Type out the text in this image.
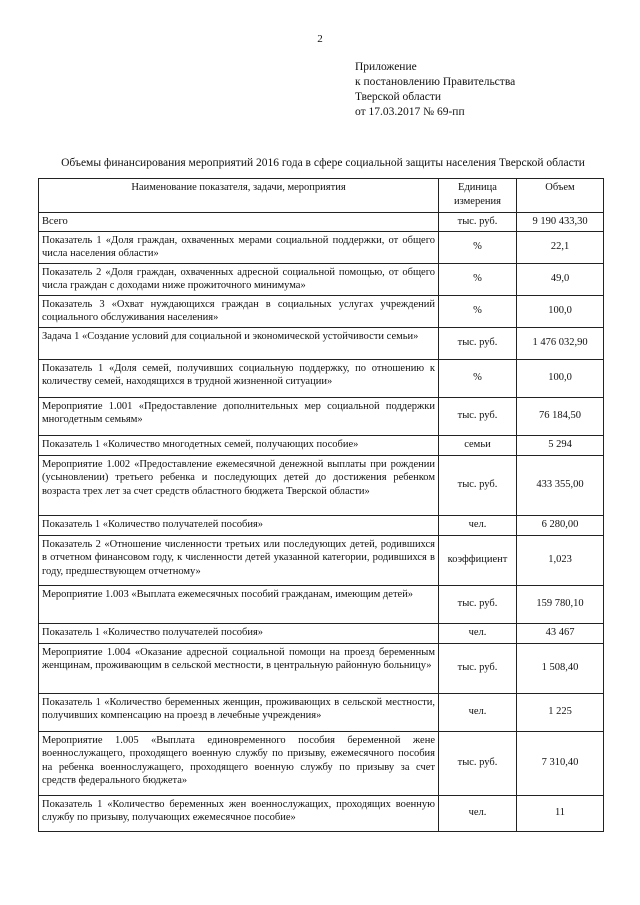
2
Приложение
к постановлению Правительства
Тверской области
от 17.03.2017 № 69-пп
Объемы финансирования мероприятий 2016 года в сфере социальной защиты населения Тверской области
Наименование показателя, задачи, мероприятия	Единица измерения	Объем
Всего	тыс. руб.	9 190 433,30
Показатель 1 «Доля граждан, охваченных мерами социальной поддержки, от общего числа населения области»	%	22,1
Показатель 2 «Доля граждан, охваченных адресной социальной помощью, от общего числа граждан с доходами ниже прожиточного минимума»	%	49,0
Показатель 3 «Охват нуждающихся граждан в социальных услугах учреждений социального обслуживания населения»	%	100,0
Задача 1 «Создание условий для социальной и экономической устойчивости семьи»	тыс. руб.	1 476 032,90
Показатель 1 «Доля семей, получивших социальную поддержку, по отношению к количеству семей, находящихся в трудной жизненной ситуации»	%	100,0
Мероприятие 1.001 «Предоставление дополнительных мер социальной поддержки многодетным семьям»	тыс. руб.	76 184,50
Показатель 1 «Количество многодетных семей, получающих пособие»	семьи	5 294
Мероприятие 1.002 «Предоставление ежемесячной денежной выплаты при рождении (усыновлении) третьего ребенка и последующих детей до достижения ребенком возраста трех лет за счет средств областного бюджета Тверской области»	тыс. руб.	433 355,00
Показатель 1 «Количество получателей пособия»	чел.	6 280,00
Показатель 2 «Отношение численности третьих или последующих детей, родившихся в отчетном финансовом году, к численности детей указанной категории, родившихся в году, предшествующем отчетному»	коэффициент	1,023
Мероприятие 1.003 «Выплата ежемесячных пособий гражданам, имеющим детей»	тыс. руб.	159 780,10
Показатель 1 «Количество получателей пособия»	чел.	43 467
Мероприятие 1.004 «Оказание адресной социальной помощи на проезд беременным женщинам, проживающим в сельской местности, в центральную районную больницу»	тыс. руб.	1 508,40
Показатель 1 «Количество беременных женщин, проживающих в сельской местности, получивших компенсацию на проезд в лечебные учреждения»	чел.	1 225
Мероприятие 1.005 «Выплата единовременного пособия беременной жене военнослужащего, проходящего военную службу по призыву, ежемесячного пособия на ребенка военнослужащего, проходящего военную службу по призыву за счет средств федерального бюджета»	тыс. руб.	7 310,40
Показатель 1 «Количество беременных жен военнослужащих, проходящих военную службу по призыву, получающих ежемесячное пособие»	чел.	11
